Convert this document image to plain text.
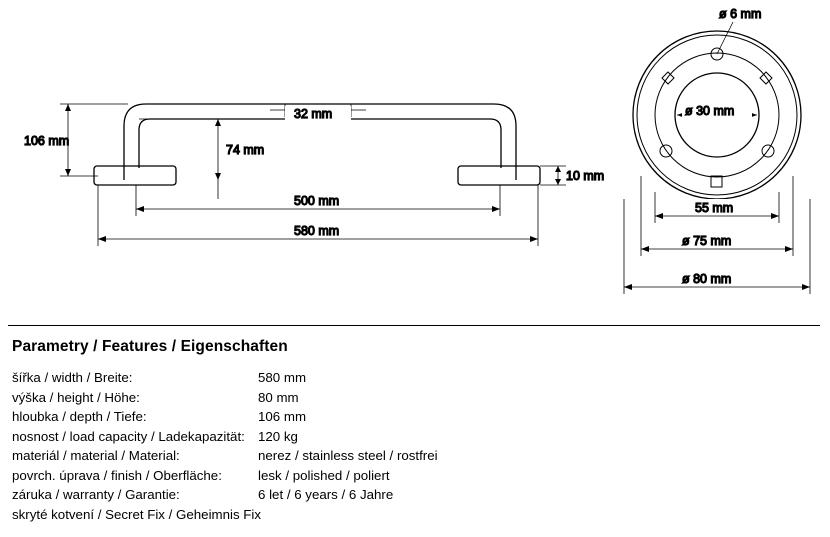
106 mm
32 mm
74 mm
10 mm
500 mm
580 mm
ø 6 mm
ø 30 mm
55 mm
ø 75 mm
ø 80 mm
Parametry / Features / Eigenschaften
šířka / width / Breite:	580 mm
výška / height / Höhe:	80 mm
hloubka / depth / Tiefe:	106 mm
nosnost / load capacity / Ladekapazität: 120 kg
materiál / material / Material:	nerez / stainless steel / rostfrei
povrch. úprava / finish / Oberfläche:	lesk / polished / poliert
záruka / warranty / Garantie:	6 let / 6 years / 6 Jahre
skryté kotvení / Secret Fix / Geheimnis Fix
